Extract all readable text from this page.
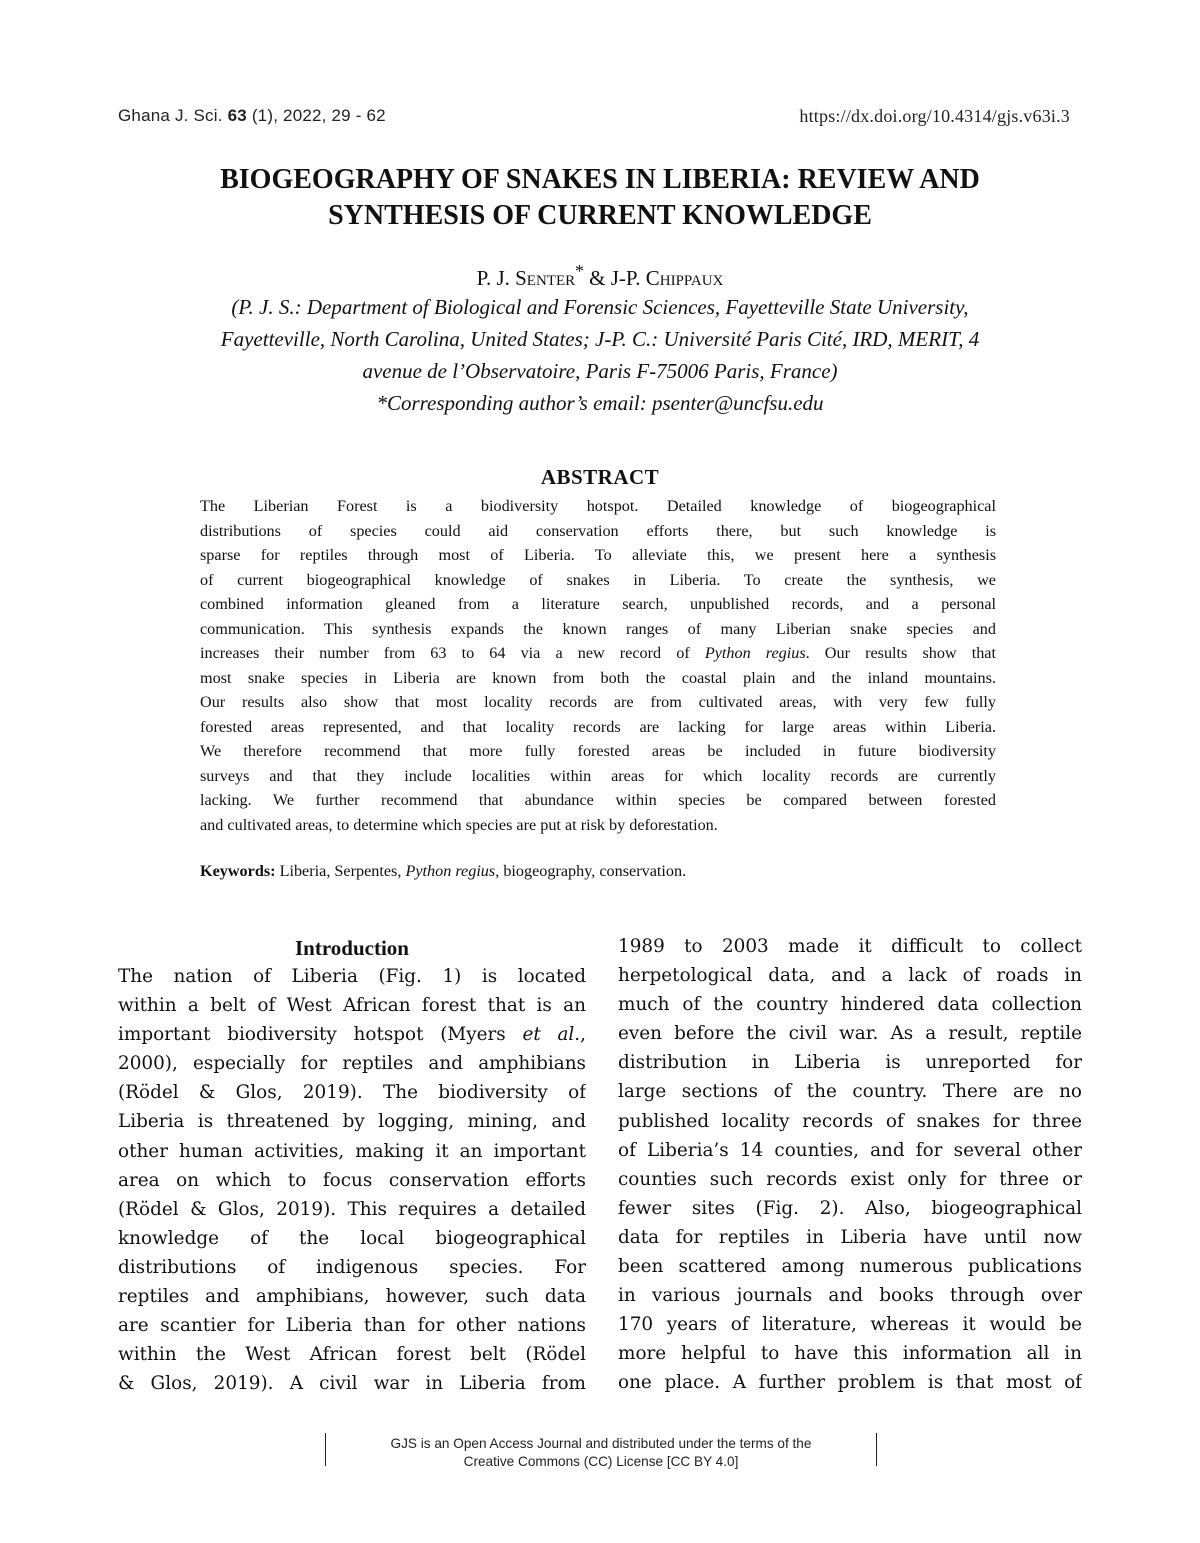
Ghana J. Sci. 63 (1), 2022, 29 - 62	https://dx.doi.org/10.4314/gjs.v63i.3
BIOGEOGRAPHY OF SNAKES IN LIBERIA: REVIEW AND
SYNTHESIS OF CURRENT KNOWLEDGE
P. J. Senter* & J-P. Chippaux
(P. J. S.: Department of Biological and Forensic Sciences, Fayetteville State University,
Fayetteville, North Carolina, United States; J-P. C.: Université Paris Cité, IRD, MERIT, 4
avenue de l’Observatoire, Paris F-75006 Paris, France)
*Corresponding author’s email: psenter@uncfsu.edu
ABSTRACT
The Liberian Forest is a biodiversity hotspot. Detailed knowledge of biogeographical
distributions of species could aid conservation efforts there, but such knowledge is
sparse for reptiles through most of Liberia. To alleviate this, we present here a synthesis
of current biogeographical knowledge of snakes in Liberia. To create the synthesis, we
combined information gleaned from a literature search, unpublished records, and a personal
communication. This synthesis expands the known ranges of many Liberian snake species and
increases their number from 63 to 64 via a new record of Python regius. Our results show that
most snake species in Liberia are known from both the coastal plain and the inland mountains.
Our results also show that most locality records are from cultivated areas, with very few fully
forested areas represented, and that locality records are lacking for large areas within Liberia.
We therefore recommend that more fully forested areas be included in future biodiversity
surveys and that they include localities within areas for which locality records are currently
lacking. We further recommend that abundance within species be compared between forested
and cultivated areas, to determine which species are put at risk by deforestation.
Keywords: Liberia, Serpentes, Python regius, biogeography, conservation.
Introduction
The nation of Liberia (Fig. 1) is located
within a belt of West African forest that is an
important biodiversity hotspot (Myers et al.,
2000), especially for reptiles and amphibians
(Rödel & Glos, 2019). The biodiversity of
Liberia is threatened by logging, mining, and
other human activities, making it an important
area on which to focus conservation efforts
(Rödel & Glos, 2019). This requires a detailed
knowledge of the local biogeographical
distributions of indigenous species. For
reptiles and amphibians, however, such data
are scantier for Liberia than for other nations
within the West African forest belt (Rödel
& Glos, 2019). A civil war in Liberia from
1989 to 2003 made it difficult to collect
herpetological data, and a lack of roads in
much of the country hindered data collection
even before the civil war. As a result, reptile
distribution in Liberia is unreported for
large sections of the country. There are no
published locality records of snakes for three
of Liberia’s 14 counties, and for several other
counties such records exist only for three or
fewer sites (Fig. 2). Also, biogeographical
data for reptiles in Liberia have until now
been scattered among numerous publications
in various journals and books through over
170 years of literature, whereas it would be
more helpful to have this information all in
one place. A further problem is that most of
GJS is an Open Access Journal and distributed under the terms of the
Creative Commons (CC) License [CC BY 4.0]
